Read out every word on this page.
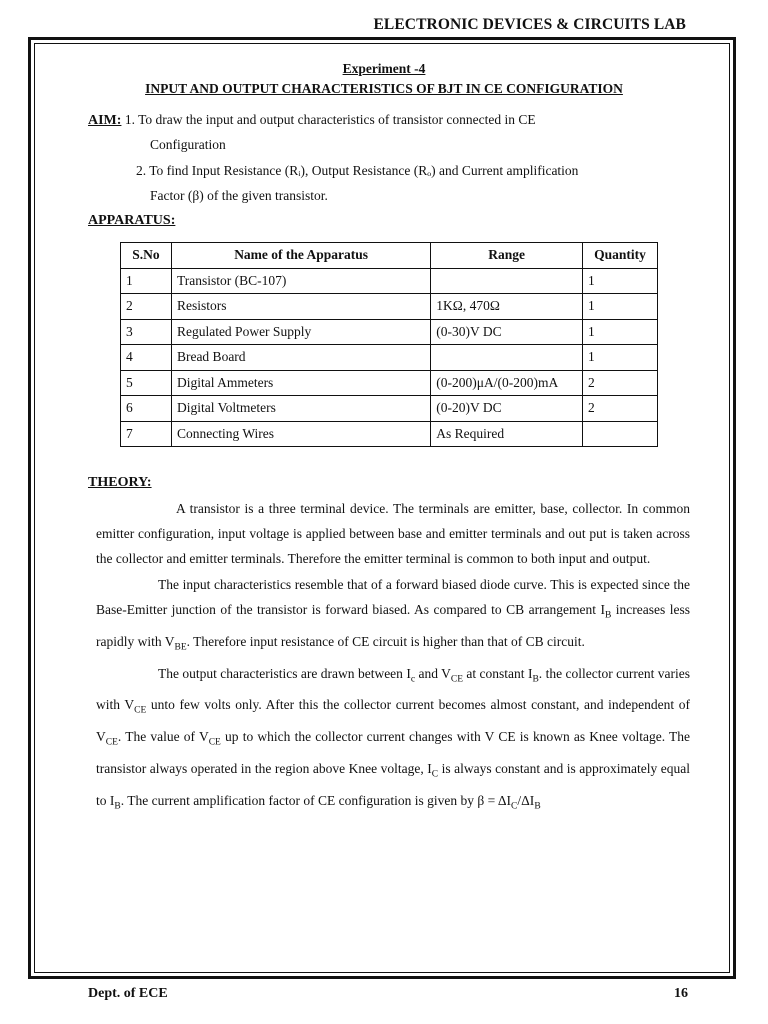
ELECTRONIC DEVICES & CIRCUITS LAB
Experiment -4
INPUT AND OUTPUT CHARACTERISTICS OF BJT IN CE CONFIGURATION
AIM: 1. To draw the input and output characteristics of transistor connected in CE
Configuration
2. To find Input Resistance (Rᵢ), Output Resistance (Rₒ) and Current amplification
Factor (β) of the given transistor.
APPARATUS:
S.No	Name of the Apparatus	Range	Quantity
1	Transistor (BC-107)		1
2	Resistors	1KΩ, 470Ω	1
3	Regulated Power Supply	(0-30)V DC	1
4	Bread Board		1
5	Digital Ammeters	(0-200)μA/(0-200)mA	2
6	Digital Voltmeters	(0-20)V DC	2
7	Connecting Wires	As Required	
THEORY:

A transistor is a three terminal device. The terminals are emitter, base, collector. In common emitter configuration, input voltage is applied between base and emitter terminals and out put is taken across the collector and emitter terminals. Therefore the emitter terminal is common to both input and output.

The input characteristics resemble that of a forward biased diode curve. This is expected since the Base-Emitter junction of the transistor is forward biased. As compared to CB arrangement $I_B$ increases less rapidly with $V_{BE}$. Therefore input resistance of CE circuit is higher than that of CB circuit.

The output characteristics are drawn between $I_c$ and $V_{CE}$ at constant $I_B$. the collector current varies with $V_{CE}$ unto few volts only. After this the collector current becomes almost constant, and independent of $V_{CE}$. The value of $V_{CE}$ up to which the collector current changes with V CE is known as Knee voltage. The transistor always operated in the region above Knee voltage, $I_C$ is always constant and is approximately equal to $I_B$. The current amplification factor of CE configuration is given by $\beta = \Delta I_C/\Delta I_B$

Dept. of ECE	16
